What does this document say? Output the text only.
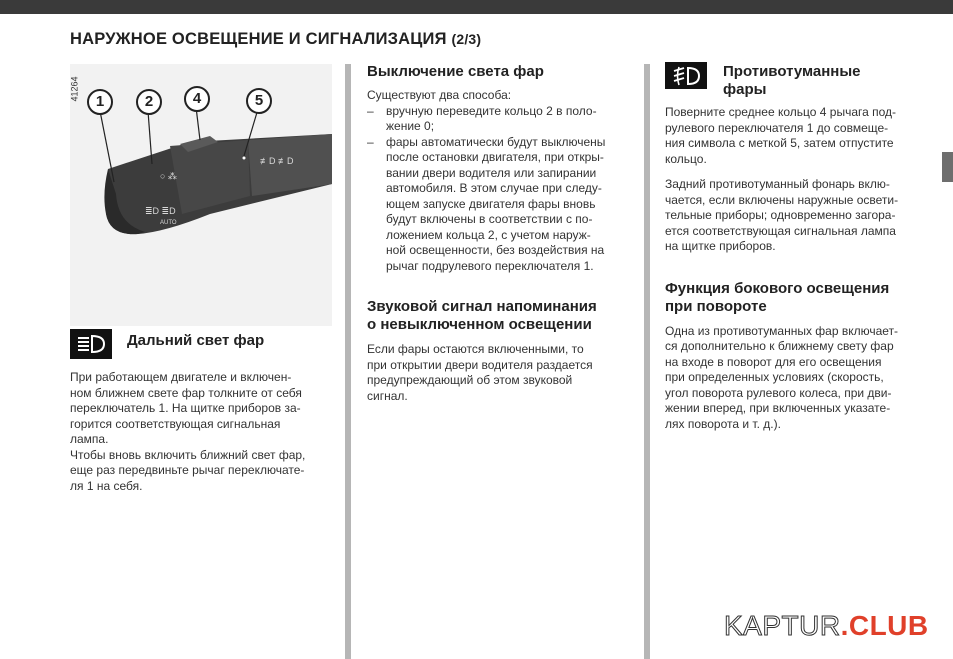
НАРУЖНОЕ ОСВЕЩЕНИЕ И СИГНАЛИЗАЦИЯ (2/3)
41264
≣D ≣D
AUTO
○ ⁂
≢D ≢D
1	2	4	5
Дальний свет фар
При работающем двигателе и включен-
ном ближнем свете фар толкните от себя
переключатель 1. На щитке приборов за-
горится соответствующая сигнальная
лампа.
Чтобы вновь включить ближний свет фар,
еще раз передвиньте рычаг переключате-
ля 1 на себя.
Выключение света фар
Существуют два способа:
– вручную переведите кольцо 2 в поло-
жение 0;
– фары автоматически будут выключены
после остановки двигателя, при откры-
вании двери водителя или запирании
автомобиля. В этом случае при следу-
ющем запуске двигателя фары вновь
будут включены в соответствии с по-
ложением кольца 2, с учетом наруж-
ной освещенности, без воздействия на
рычаг подрулевого переключателя 1.
Звуковой сигнал напоминания
о невыключенном освещении
Если фары остаются включенными, то
при открытии двери водителя раздается
предупреждающий об этом звуковой
сигнал.
Противотуманные
фары
Поверните среднее кольцо 4 рычага под-
рулевого переключателя 1 до совмеще-
ния символа с меткой 5, затем отпустите
кольцо.
Задний противотуманный фонарь вклю-
чается, если включены наружные освети-
тельные приборы; одновременно загора-
ется соответствующая сигнальная лампа
на щитке приборов.
Функция бокового освещения
при повороте
Одна из противотуманных фар включает-
ся дополнительно к ближнему свету фар
на входе в поворот для его освещения
при определенных условиях (скорость,
угол поворота рулевого колеса, при дви-
жении вперед, при включенных указате-
лях поворота и т. д.).
KAPTUR.CLUB
